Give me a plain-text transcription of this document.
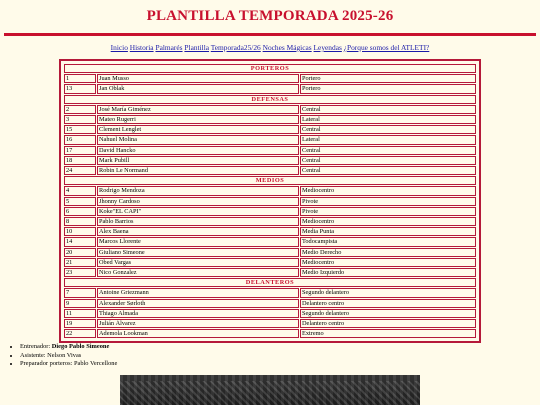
PLANTILLA TEMPORADA 2025-26
Inicio Historia Palmarés Plantilla Temporada25/26 Noches Mágicas Leyendas ¿Porque somos del ATLETI?
PORTEROS		
1	Juan Musso	Portero
13	Jan Oblak	Portero
DEFENSAS		
2	José María Giménez	Central
3	Mateo Rugerri	Lateral
15	Clement Lenglet	Central
16	Nahuel Molina	Lateral
17	David Hancko	Central
18	Mark Pubill	Central
24	Robin Le Normand	Central
MEDIOS		
4	Rodrigo Mendoza	Mediocentro
5	Jhonny Cardoso	Pivote
6	Koke"EL CAPI"	Pivote
8	Pablo Barrios	Mediocentro
10	Alex Baena	Media Punta
14	Marcos Llorente	Todocampista
20	Giuliano Simeone	Medio Derecho
21	Obed Vargas	Mediocentro
23	Nico Gonzalez	Medio Izquierdo
DELANTEROS		
7	Antoine Griezmann	Segundo delantero
9	Alexander Sørloth	Delantero centro
11	Thiago Almada	Segundo delantero
19	Julián Álvarez	Delantero centro
22	Ademola Lookman	Extremo
• Entrenador: Diego Pablo Simeone
• Asistente: Nelson Vivas
• Preparador porteros: Pablo Vercellone
